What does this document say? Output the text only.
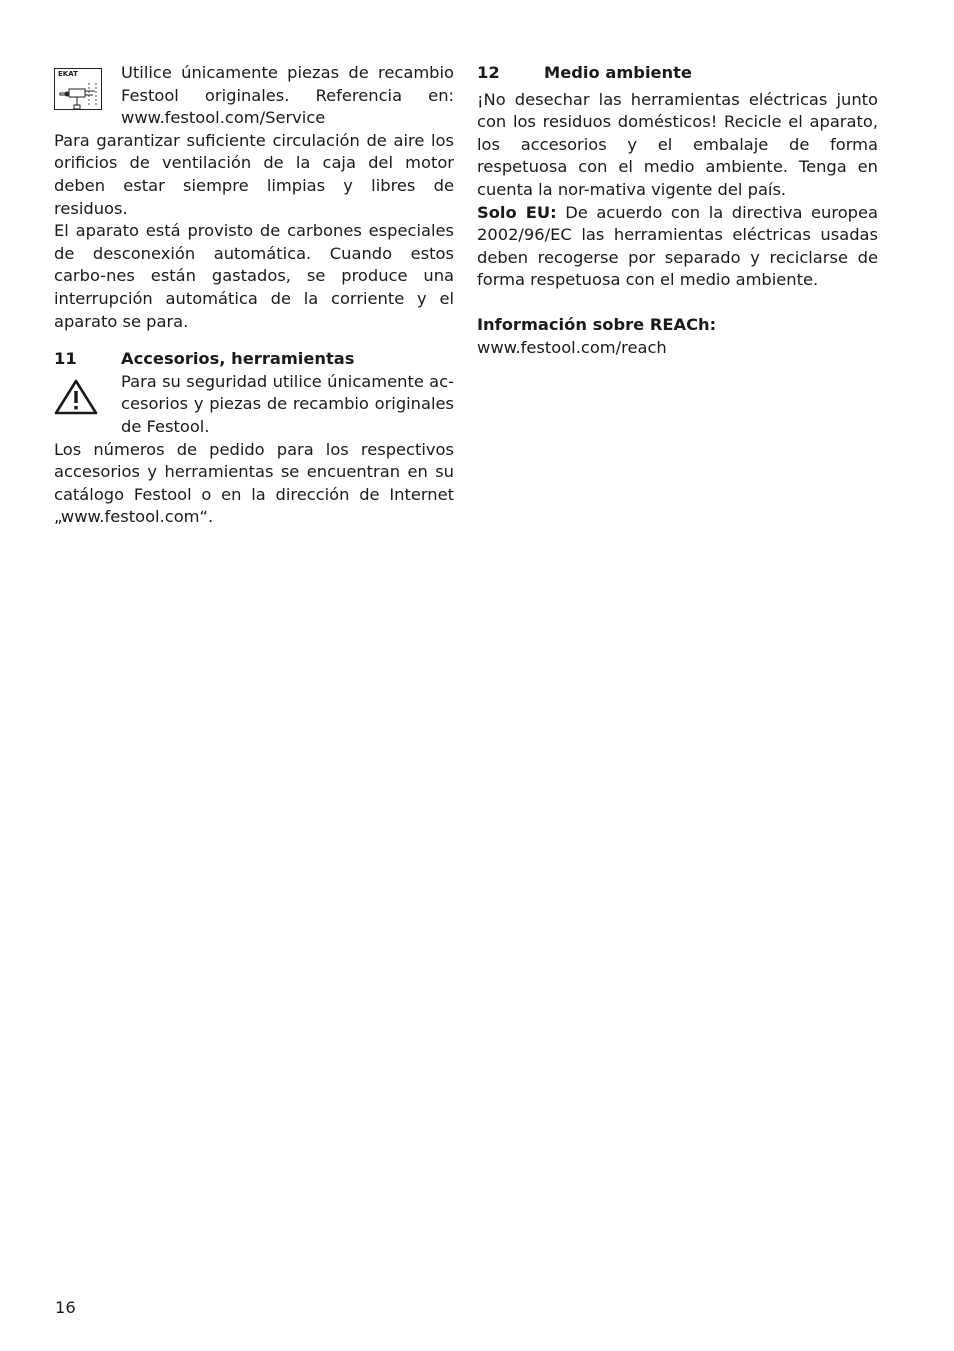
EKAT	Utilice únicamente piezas de recambio Festool originales. Referencia en: www.festool.com/Service

Para garantizar suficiente circulación de aire los orificios de ventilación de la caja del motor deben estar siempre limpias y libres de residuos.

El aparato está provisto de carbones especiales de desconexión automática. Cuando estos carbo-nes están gastados, se produce una interrupción automática de la corriente y el aparato se para.

11	Accesorios, herramientas

Para su seguridad utilice únicamente ac-cesorios y piezas de recambio originales de Festool.

Los números de pedido para los respectivos accesorios y herramientas se encuentran en su catálogo Festool o en la dirección de Internet „www.festool.com“.

12	Medio ambiente

¡No desechar las herramientas eléctricas junto con los residuos domésticos! Recicle el aparato, los accesorios y el embalaje de forma respetuosa con el medio ambiente. Tenga en cuenta la nor-mativa vigente del país.

Solo EU: De acuerdo con la directiva europea 2002/96/EC las herramientas eléctricas usadas deben recogerse por separado y reciclarse de forma respetuosa con el medio ambiente.

Información sobre REACh:

www.festool.com/reach

16
